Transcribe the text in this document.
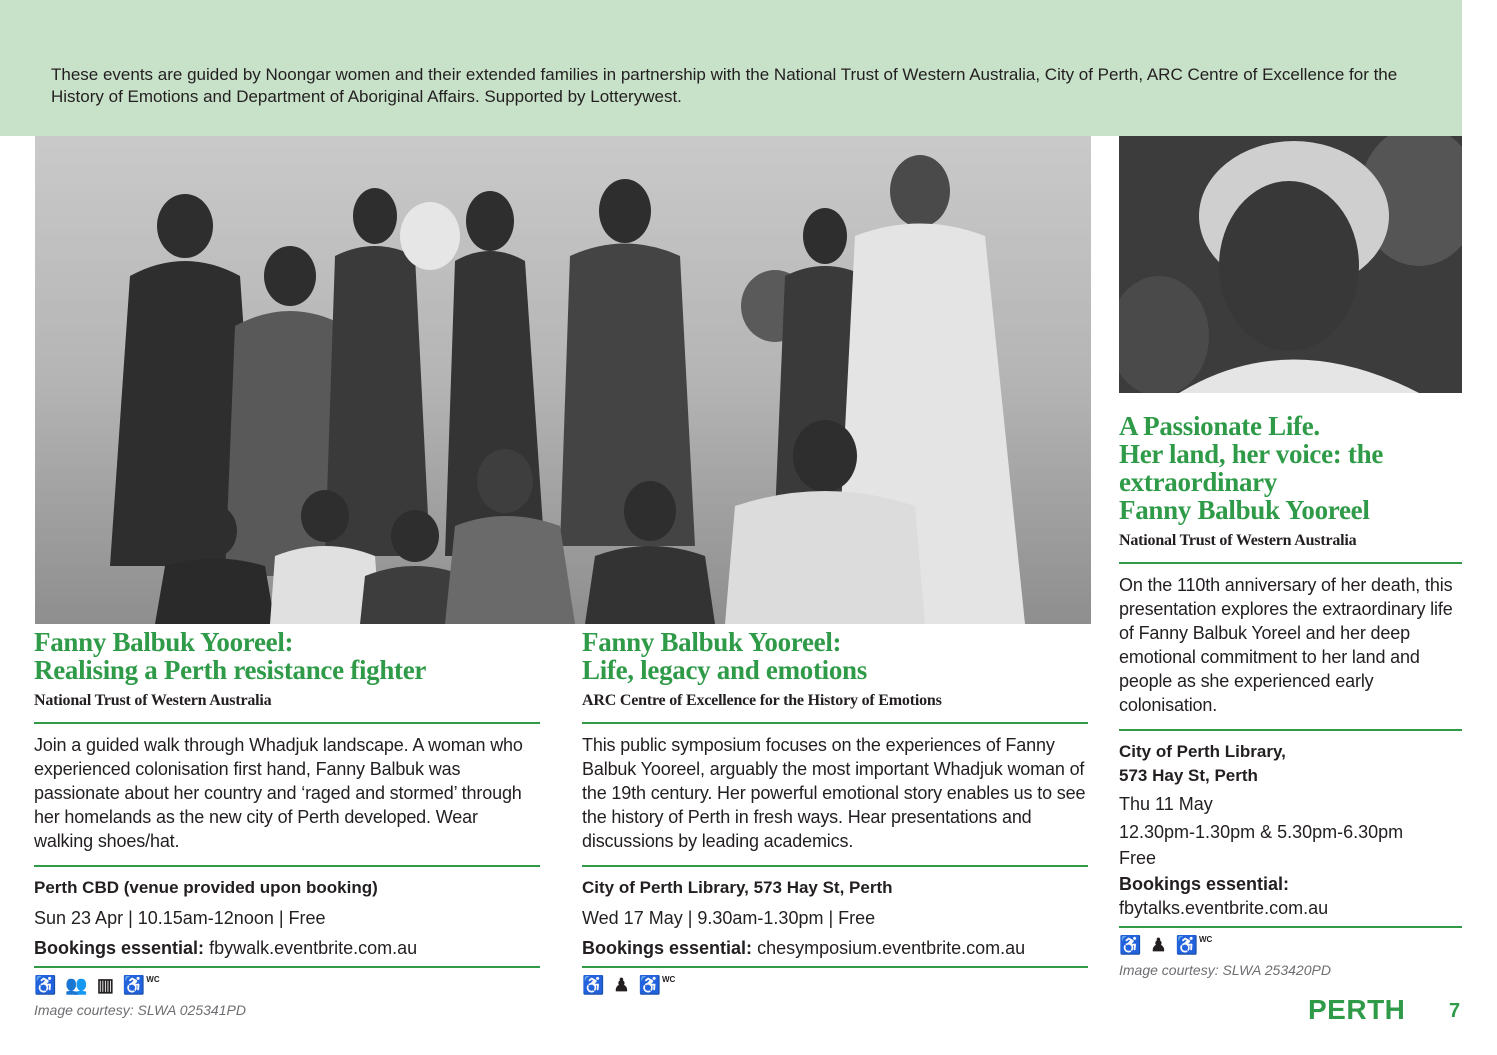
These events are guided by Noongar women and their extended families in partnership with the National Trust of Western Australia, City of Perth, ARC Centre of Excellence for the History of Emotions and Department of Aboriginal Affairs. Supported by Lotterywest.

Fanny Balbuk Yooreel:
Realising a Perth resistance fighter
National Trust of Western Australia

Join a guided walk through Whadjuk landscape. A woman who experienced colonisation first hand, Fanny Balbuk was passionate about her country and ‘raged and stormed’ through her homelands as the new city of Perth developed. Wear walking shoes/hat.

Perth CBD (venue provided upon booking)
Sun 23 Apr | 10.15am-12noon | Free
Bookings essential: fbywalk.eventbrite.com.au
♿ 👥 ▥ ♿$^{WC}$
Image courtesy: SLWA 025341PD
Fanny Balbuk Yooreel:
Life, legacy and emotions
ARC Centre of Excellence for the History of Emotions

This public symposium focuses on the experiences of Fanny Balbuk Yooreel, arguably the most important Whadjuk woman of the 19th century. Her powerful emotional story enables us to see the history of Perth in fresh ways. Hear presentations and discussions by leading academics.

City of Perth Library, 573 Hay St, Perth
Wed 17 May | 9.30am-1.30pm | Free
Bookings essential: chesymposium.eventbrite.com.au
♿ ♟ ♿$^{WC}$
A Passionate Life.
Her land, her voice: the
extraordinary
Fanny Balbuk Yooreel
National Trust of Western Australia

On the 110th anniversary of her death, this presentation explores the extraordinary life of Fanny Balbuk Yoreel and her deep emotional commitment to her land and people as she experienced early colonisation.

City of Perth Library,
573 Hay St, Perth
Thu 11 May
12.30pm-1.30pm & 5.30pm-6.30pm
Free
Bookings essential:
fbytalks.eventbrite.com.au
♿ ♟ ♿$^{WC}$
Image courtesy: SLWA 253420PD
PERTH 7
